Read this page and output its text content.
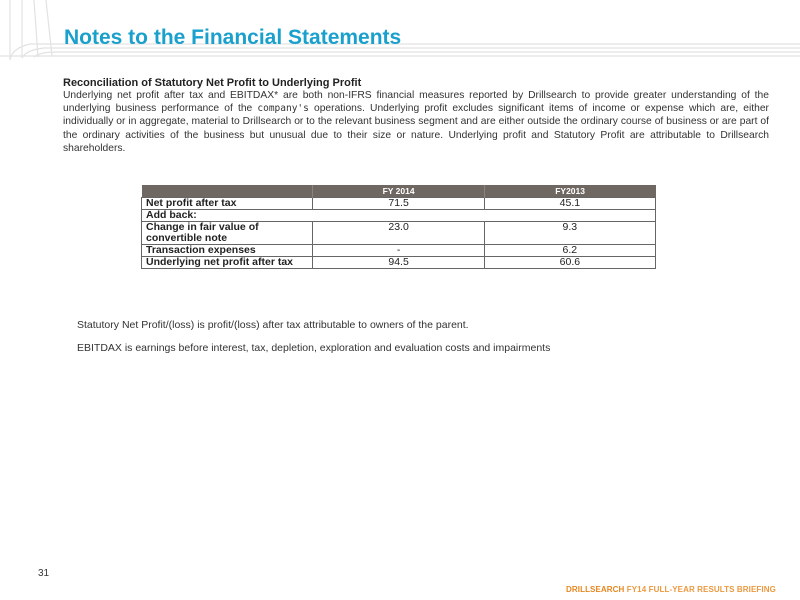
Notes to the Financial Statements
Reconciliation of Statutory Net Profit to Underlying Profit

Underlying net profit after tax and EBITDAX* are both non-IFRS financial measures reported by Drillsearch to provide greater understanding of the underlying business performance of the company's operations. Underlying profit excludes significant items of income or expense which are, either individually or in aggregate, material to Drillsearch or to the relevant business segment and are either outside the ordinary course of business or are part of the ordinary activities of the business but unusual due to their size or nature. Underlying profit and Statutory Profit are attributable to Drillsearch shareholders.

	FY 2014	FY2013
Net profit after tax	71.5	45.1
Add back:		
Change in fair value of convertible note	23.0	9.3
Transaction expenses	-	6.2
Underlying net profit after tax	94.5	60.6
Statutory Net Profit/(loss) is profit/(loss) after tax attributable to owners of the parent.
EBITDAX is earnings before interest, tax, depletion, exploration and evaluation costs and impairments
31
DRILLSEARCH FY14 FULL-YEAR RESULTS BRIEFING
